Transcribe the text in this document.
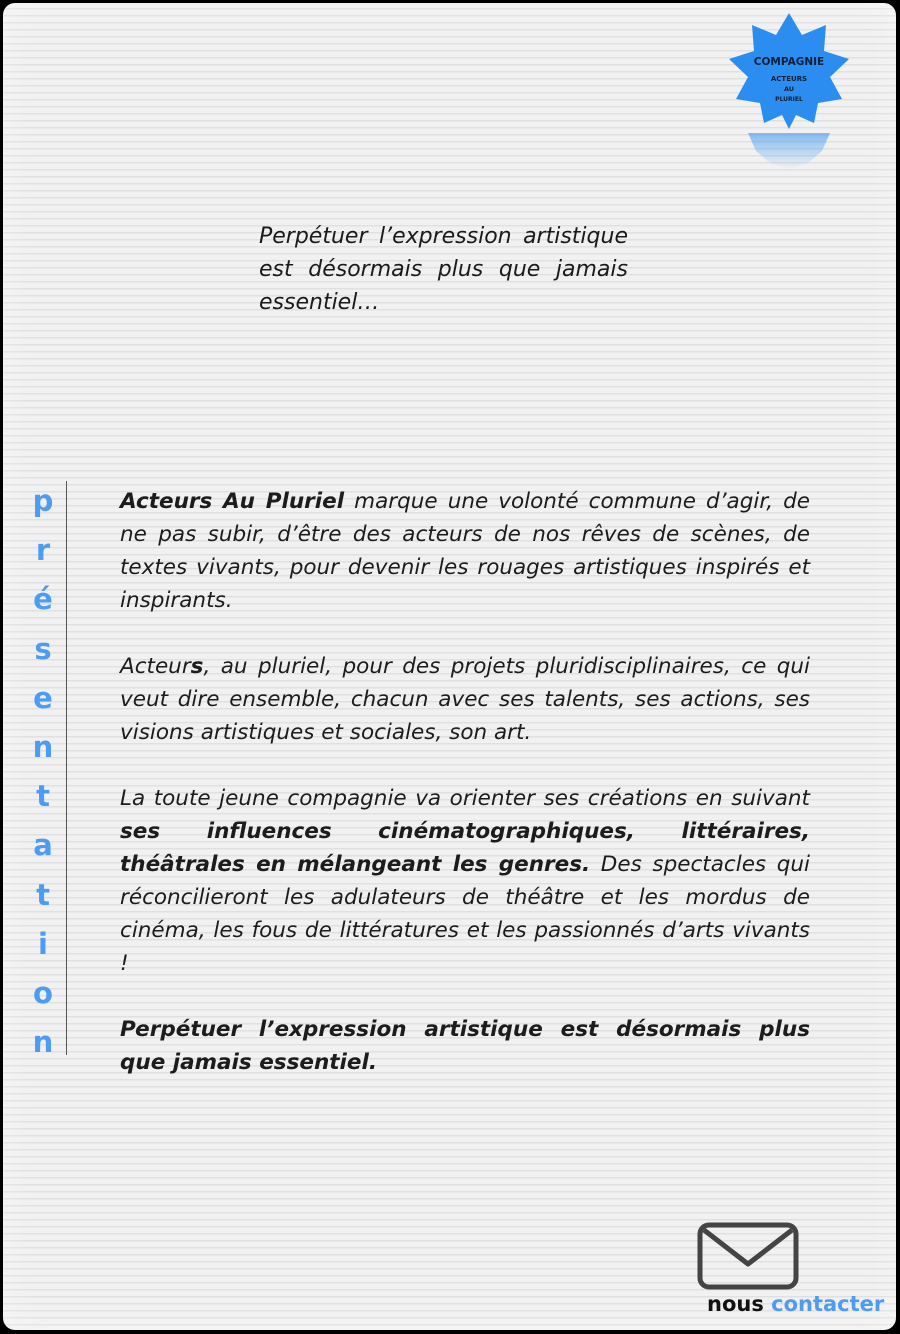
COMPAGNIE
ACTEURS
AU
PLURIEL

Perpétuer l’expression artistique est désormais plus que jamais essentiel…

p
r
é
s
e
n
t
a
t
i
o
n

Acteurs Au Pluriel marque une volonté commune d’agir, de ne pas subir, d’être des acteurs de nos rêves de scènes, de textes vivants, pour devenir les rouages artistiques inspirés et inspirants.

Acteurs, au pluriel, pour des projets pluridisciplinaires, ce qui veut dire ensemble, chacun avec ses talents, ses actions, ses visions artistiques et sociales, son art.

La toute jeune compagnie va orienter ses créations en suivant ses influences cinématographiques, littéraires, théâtrales en mélangeant les genres. Des spectacles qui réconcilieront les adulateurs de théâtre et les mordus de cinéma, les fous de littératures et les passionnés d’arts vivants !

Perpétuer l’expression artistique est désormais plus que jamais essentiel.

nous contacter
